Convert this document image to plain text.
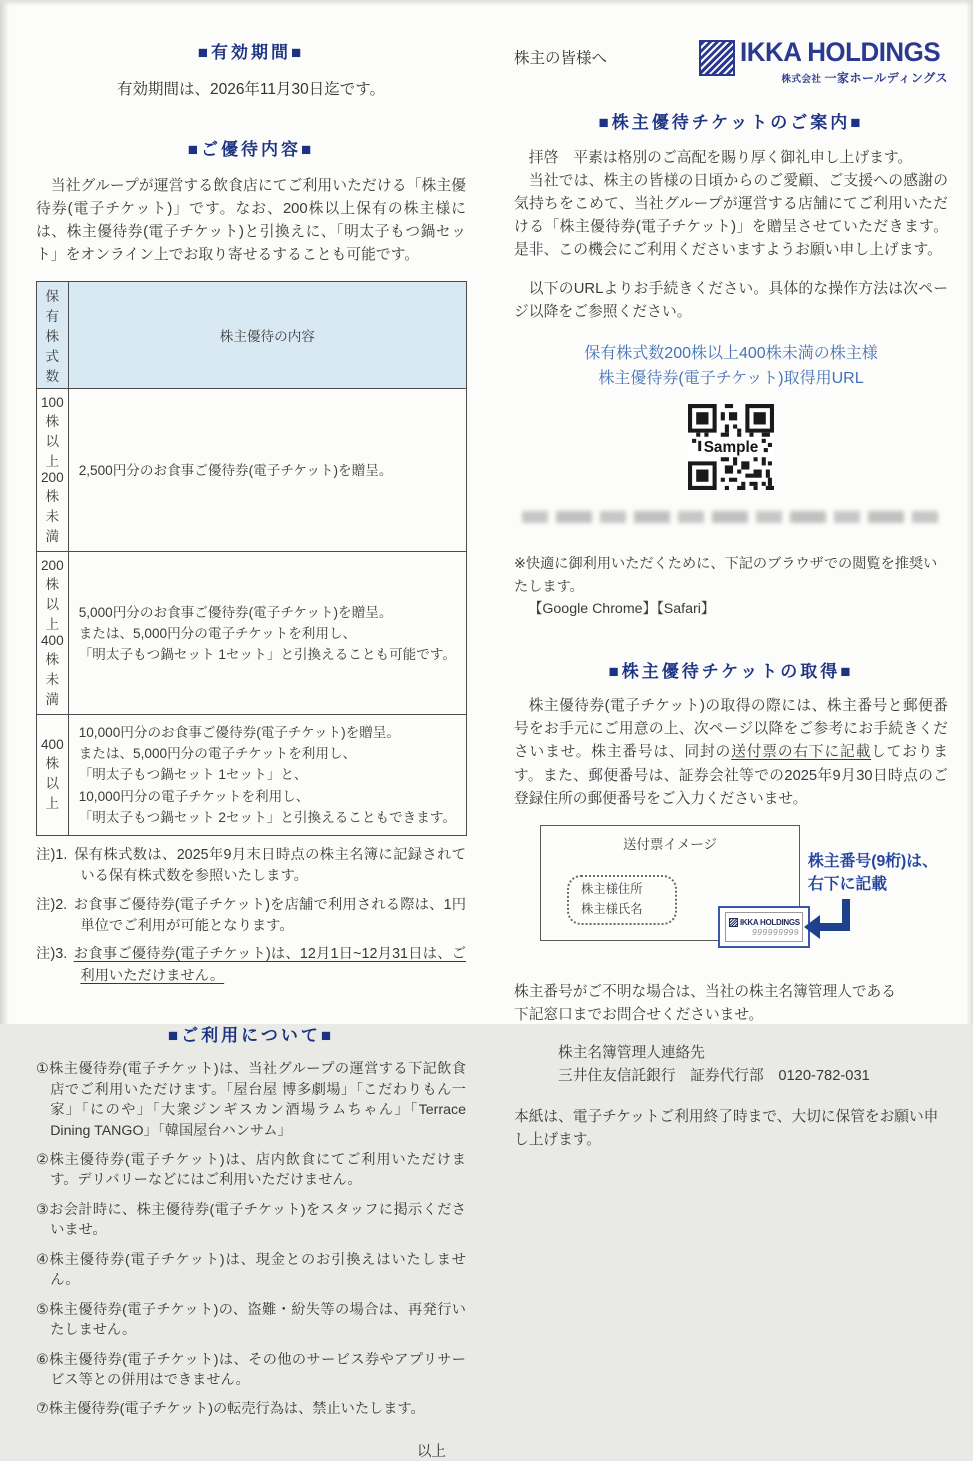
■有効期間■
有効期間は、2026年11月30日迄です。
■ご優待内容■

当社グループが運営する飲食店にてご利用いただける「株主優待券(電子チケット)」です。なお、200株以上保有の株主様には、株主優待券(電子チケット)と引換えに、「明太子もつ鍋セット」をオンライン上でお取り寄せるすることも可能です。

保有株式数	株主優待の内容
100株以上200株未満	2,500円分のお食事ご優待券(電子チケット)を贈呈。

200株以上400株未満	5,000円分のお食事ご優待券(電子チケット)を贈呈。
または、5,000円分の電子チケットを利用し、
「明太子もつ鍋セット 1セット」と引換えることも可能です。

400株以上	10,000円分のお食事ご優待券(電子チケット)を贈呈。
または、5,000円分の電子チケットを利用し、
「明太子もつ鍋セット 1セット」と、
10,000円分の電子チケットを利用し、
「明太子もつ鍋セット 2セット」と引換えることもできます。
注)1. 保有株式数は、2025年9月末日時点の株主名簿に記録されている保有株式数を参照いたします。
注)2. お食事ご優待券(電子チケット)を店舗で利用される際は、1円単位でご利用が可能となります。
注)3. お食事ご優待券(電子チケット)は、12月1日~12月31日は、ご利用いただけません。
■ご利用について■
①株主優待券(電子チケット)は、当社グループの運営する下記飲食店でご利用いただけます。「屋台屋 博多劇場」「こだわりもん一家」「にのや」「大衆ジンギスカン酒場ラムちゃん」「Terrace Dining TANGO」「韓国屋台ハンサム」
②株主優待券(電子チケット)は、店内飲食にてご利用いただけます。デリバリーなどにはご利用いただけません。
③お会計時に、株主優待券(電子チケット)をスタッフに掲示くださいませ。
④株主優待券(電子チケット)は、現金とのお引換えはいたしません。
⑤株主優待券(電子チケット)の、盗難・紛失等の場合は、再発行いたしません。
⑥株主優待券(電子チケット)は、その他のサービス券やアプリサービス等との併用はできません。
⑦株主優待券(電子チケット)の転売行為は、禁止いたします。
以上
株主の皆様へ	IKKA HOLDINGS
株式会社 一家ホールディングス
■株主優待チケットのご案内■

拝啓　平素は格別のご高配を賜り厚く御礼申し上げます。

当社では、株主の皆様の日頃からのご愛顧、ご支援への感謝の気持ちをこめて、当社グループが運営する店舗にてご利用いただける「株主優待券(電子チケット)」を贈呈させていただきます。 是非、この機会にご利用くださいますようお願い申し上げます。

以下のURLよりお手続きください。具体的な操作方法は次ページ以降をご参照ください。

保有株式数200株以上400株未満の株主様
株主優待券(電子チケット)取得用URL
Sample
※快適に御利用いただくために、下記のブラウザでの閲覧を推奨いたします。
【Google Chrome】【Safari】
■株主優待チケットの取得■

株主優待券(電子チケット)の取得の際には、株主番号と郵便番号をお手元にご用意の上、次ページ以降をご参考にお手続きくださいませ。株主番号は、同封の送付票の右下に記載しております。また、郵便番号は、証券会社等での2025年9月30日時点のご登録住所の郵便番号をご入力くださいませ。

送付票イメージ
株主様住所
株主様氏名
IKKA HOLDINGS
999999999
株主番号(9桁)は、
右下に記載
株主番号がご不明な場合は、当社の株主名簿管理人である
下記窓口までお問合せくださいませ。
株主名簿管理人連絡先
三井住友信託銀行　証券代行部　0120-782-031
本紙は、電子チケットご利用終了時まで、大切に保管をお願い申し上げます。
